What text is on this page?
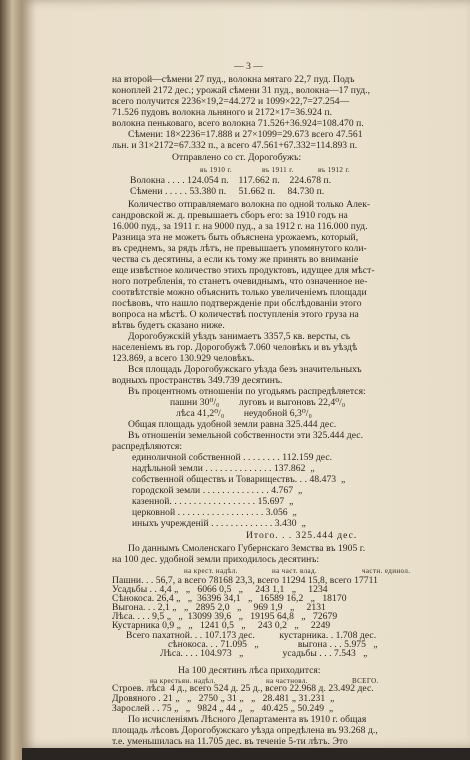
— 3 —
на второй—сѣмени 27 пуд., волокна мятаго 22,7 пуд. Подъ
коноплей 2172 дес.; урожай сѣмени 31 пуд., волокна—17 пуд.,
всего получится 2236×19,2=44.272 и 1099×22,7=27.254—
71.526 пудовъ волокна льняного и 2172×17=36.924 п.
волокна пеньковаго, всего волокна 71.526+36.924=108.470 п.
Сѣмени: 18×2236=17.888 и 27×1099=29.673 всего 47.561
льн. и 31×2172=67.332 п., а всего 47.561+67.332=114.893 п.
Отправлено со ст. Дорогобужъ:
въ 1910 г.	въ 1911 г.	въ 1912 г.
Волокна . . . . 124.054 п.    117.662 п.    224.678 п.
Сѣмени . . . . . 53.380 п.     51.662 п.     84.730 п.
Количество отправляемаго волокна по одной только Алек-
сандровской ж. д. превышаетъ сборъ его: за 1910 годъ на
16.000 пуд., за 1911 г. на 9000 пуд., а за 1912 г. на 116.000 пуд.
Разница эта не можетъ быть объяснена урожаемъ, который,
въ среднемъ, за рядъ лѣтъ, не превышаетъ упомянутого коли-
чества съ десятины, а если къ тому же принять во вниманіе
еще извѣстное количество этихъ продуктовъ, идущее для мѣст-
ного потребленія, то станетъ очевиднымъ, что означенное не-
соотвѣтствіе можно объяснить только увеличеніемъ площади
посѣвовъ, что нашло подтвержденіе при обслѣдованіи этого
вопроса на мѣстѣ. О количествѣ поступленія этого груза на
вѣтвь будетъ сказано ниже.
Дорогобужскій уѣздъ занимаетъ 3357,5 кв. версты, съ
населеніемъ въ гор. Дорогобужѣ 7.060 человѣкъ и въ уѣздѣ
123.869, а всего 130.929 человѣкъ.
Вся площадь Дорогобужскаго уѣзда безъ значительныхъ
водныхъ пространствъ 349.739 десятинъ.
Въ процентномъ отношеніи по угодьямъ распредѣляется:
пашни 30⁰/₀        луговъ и выгоновъ 22,4⁰/₀
лѣса 41,2⁰/₀        неудобной 6,3⁰/₀
Общая площадь удобной земли равна 325.444 дес.
Въ отношеніи земельной собственности эти 325.444 дес.
распредѣляются:
единоличной собственной . . . . . . . . 112.159 дес.
надѣльной земли . . . . . . . . . . . . . . 137.862  „
собственной обществъ и Товариществъ. . . 48.473  „
городской земли . . . . . . . . . . . . . . 4.767  „
казенной. . . . . . . . . . . . . . . . . . 15.697  „
церковной . . . . . . . . . . . . . . . . . . 3.056  „
иныхъ учрежденій . . . . . . . . . . . . . 3.430  „
Итого. . . 325.444 дес.
По даннымъ Смоленскаго Губернскаго Земства въ 1905 г.
на 100 дес. удобной земли приходилось десятинъ:
на крест. надѣл.	на част. влад.	частн. единол.
Пашни. . . 56,7, а всего 78168 23,3, всего 11294 15,8, всего 17711
Усадьбы . . 4,4 „   „   6066 0,5   „     243 1,1   „     1234
Сѣнокоса. 26,4 „   „  36396 34,1   „   16589 16,2   „   18170
Выгона. . . 2,1 „   „   2895 2,0   „     969 1,9   „     2131
Лѣса. . . . 9,5 „   „  13099 39,6   „   19195 64,8   „   72679
Кустарника 0,9 „   „   1241 0,5   „     243 0,2   „     2249
Всего пахатной. . . 107.173 дес.          кустарника. . 1.708 дес.
сѣнокоса. . . 71.095   „                выгона . . . 5.975   „
Лѣса. . . . 104.973   „                усадьбы . . . 7.543   „
На 100 десятинъ лѣса приходится:
на крестьян. надѣл.	на частновл.	ВСЕГО.
Строев. лѣса  4 д., всего 524 д. 25 д., всего 22.968 д. 23.492 дес.
Дровяного . 21 „   „   2750 „ 31 „   „   28.481 „ 31.231  „
Зарослей . . 75 „   „   9824 „ 44 „   „   40.425 „ 50.249  „
По исчисленіямъ Лѣсного Департамента въ 1910 г. общая
площадь лѣсовъ Дорогобужскаго уѣзда опредѣлена въ 93.268 д.,
т.е. уменьшилась на 11.705 дес. въ теченіе 5-ти лѣтъ. Это
